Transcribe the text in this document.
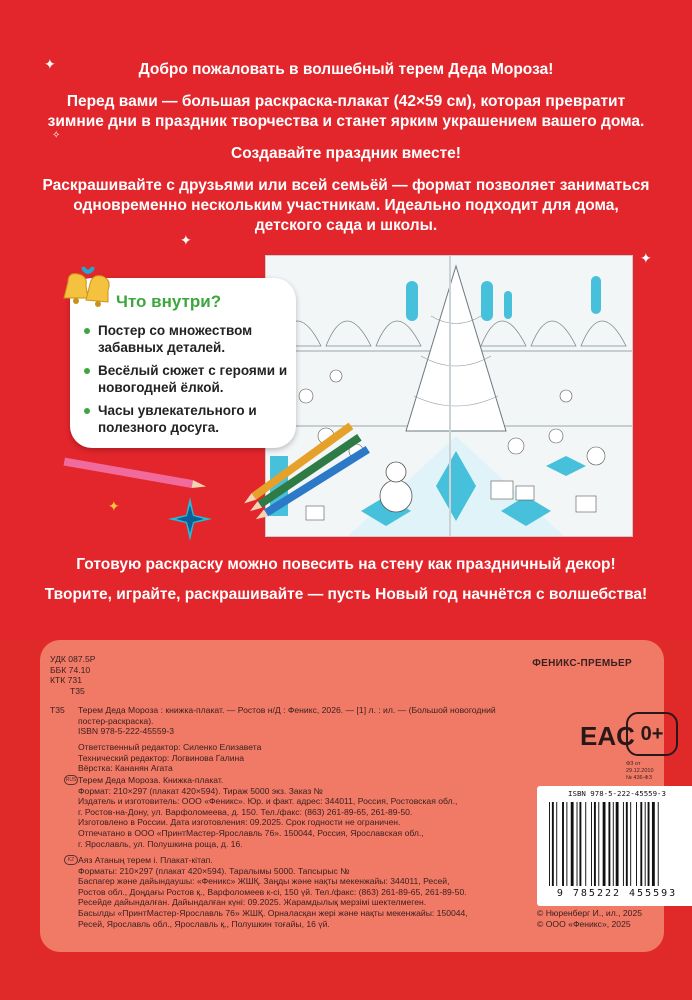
Добро пожаловать в волшебный терем Деда Мороза!

Перед вами — большая раскраска-плакат (42×59 см), которая превратит зимние дни в праздник творчества и станет ярким украшением вашего дома.

Создавайте праздник вместе!

Раскрашивайте с друзьями или всей семьёй — формат позволяет заниматься одновременно нескольким участникам. Идеально подходит для дома, детского сада и школы.

✦
✦
✧
✦
✦
Что внутри?
Постер со множеством забавных деталей.
Весёлый сюжет с героями и новогодней ёлкой.
Часы увлекательного и полезного досуга.

Готовую раскраску можно повесить на стену как праздничный декор!

Творите, играйте, раскрашивайте — пусть Новый год начнётся с волшебства!

УДК 087.5Р
ББК 74.10
КТК 731
Т35
ФЕНИКС-ПРЕМЬЕР
Т35 Терем Деда Мороза : книжка-плакат. — Ростов н/Д : Феникс, 2026. — [1] л. : ил. — (Большой новогодний постер-раскраска).
ISBN 978-5-222-45559-3
Ответственный редактор: Силенко Елизавета
Технический редактор: Логвинова Галина
Вёрстка: Кананян Агата
RUS Терем Деда Мороза. Книжка-плакат.
Формат: 210×297 (плакат 420×594). Тираж 5000 экз. Заказ №
Издатель и изготовитель: ООО «Феникс». Юр. и факт. адрес: 344011, Россия, Ростовская обл.,
г. Ростов-на-Дону, ул. Варфоломеева, д. 150. Тел./факс: (863) 261-89-65, 261-89-50.
Изготовлено в России. Дата изготовления: 09.2025. Срок годности не ограничен.
Отпечатано в ООО «ПринтМастер-Ярославль 76». 150044, Россия, Ярославская обл.,
г. Ярославль, ул. Полушкина роща, д. 16.
KZ Аяз Атаның терем і. Плакат-кітап.
Форматы: 210×297 (плакат 420×594). Таралымы 5000. Тапсырыс №
Баспагер және дайындаушы: «Феникс» ЖШҚ. Заңды және нақты мекенжайы: 344011, Ресей,
Ростов обл., Доңдағы Ростов қ., Варфоломеев к-сі, 150 үй. Тел./факс: (863) 261-89-65, 261-89-50.
Ресейде дайындалған. Дайындалған күні: 09.2025. Жарамдылық мерзімі шектелмеген.
Басылды «ПринтМастер-Ярославль 76» ЖШҚ. Орналасқан жері және нақты мекенжайы: 150044,
Ресей, Ярославль обл., Ярославль қ., Полушкин тоғайы, 16 үй.
EAC 0+
ФЗ от 29.12.2010
№ 436-ФЗ
ISBN 978-5-222-45559-3
9 785222 455593
© Нюренберг И., ил., 2025
© ООО «Феникс», 2025
